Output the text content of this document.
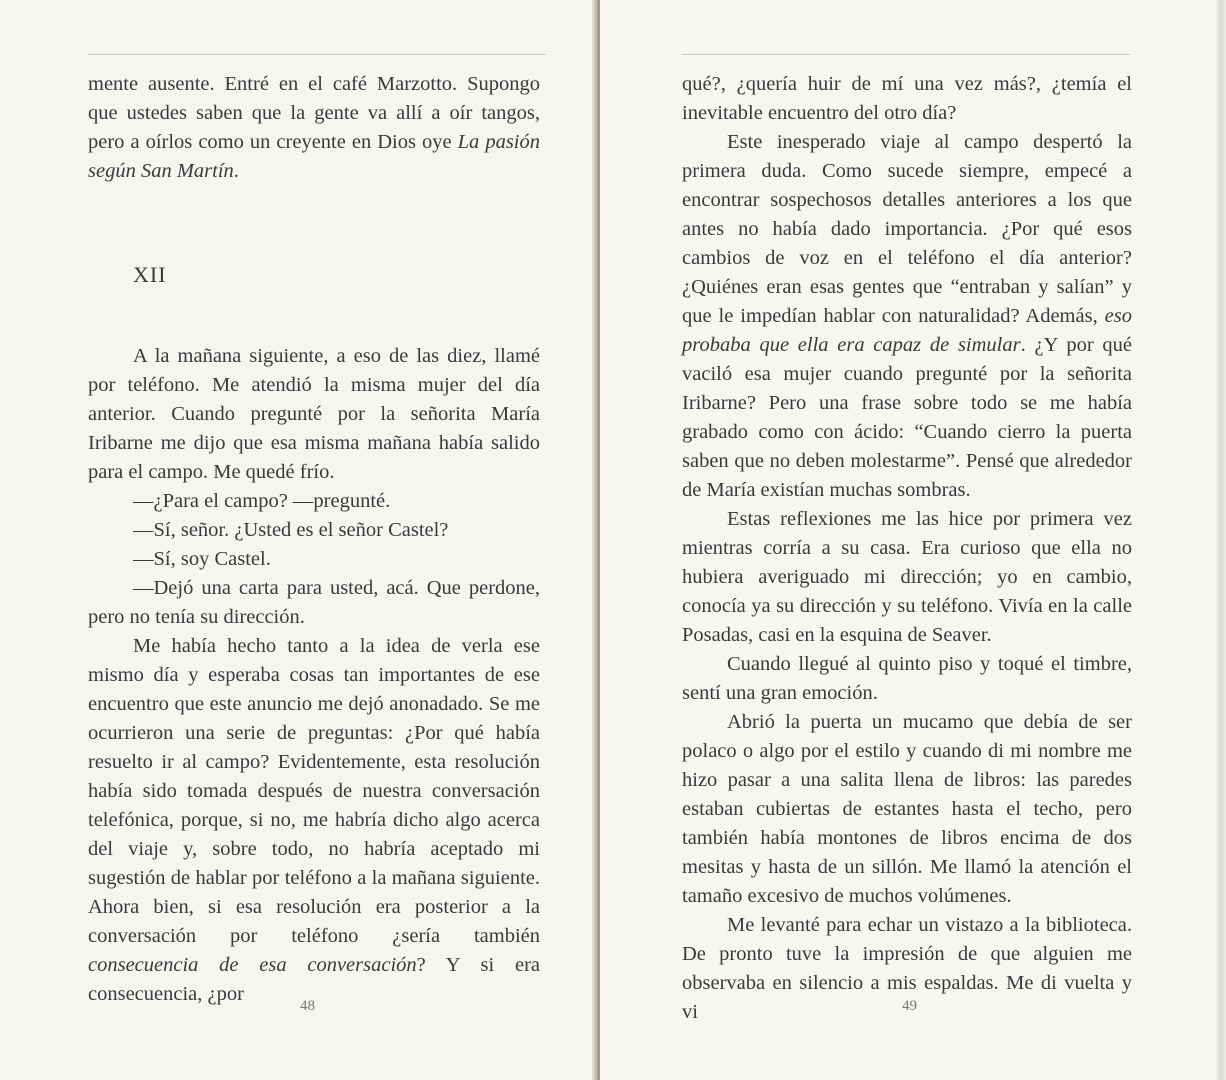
mente ausente. Entré en el café Marzotto. Supongo que ustedes saben que la gente va allí a oír tangos, pero a oírlos como un creyente en Dios oye La pasión según San Martín.

XII

A la mañana siguiente, a eso de las diez, llamé por teléfono. Me atendió la misma mujer del día anterior. Cuando pregunté por la señorita María Iribarne me dijo que esa misma mañana había salido para el campo. Me quedé frío.

—¿Para el campo? —pregunté.

—Sí, señor. ¿Usted es el señor Castel?

—Sí, soy Castel.

—Dejó una carta para usted, acá. Que perdone, pero no tenía su dirección.

Me había hecho tanto a la idea de verla ese mismo día y esperaba cosas tan importantes de ese encuentro que este anuncio me dejó anonadado. Se me ocurrieron una serie de preguntas: ¿Por qué había resuelto ir al campo? Evidentemente, esta resolución había sido tomada después de nuestra conversación telefónica, porque, si no, me habría dicho algo acerca del viaje y, sobre todo, no habría aceptado mi sugestión de hablar por teléfono a la mañana siguiente. Ahora bien, si esa resolución era posterior a la conversación por teléfono ¿sería también consecuencia de esa conversación? Y si era consecuencia, ¿por

48

qué?, ¿quería huir de mí una vez más?, ¿temía el inevitable encuentro del otro día?

Este inesperado viaje al campo despertó la primera duda. Como sucede siempre, empecé a encontrar sospechosos detalles anteriores a los que antes no había dado importancia. ¿Por qué esos cambios de voz en el teléfono el día anterior? ¿Quiénes eran esas gentes que “entraban y salían” y que le impedían hablar con naturalidad? Además, eso probaba que ella era capaz de simular. ¿Y por qué vaciló esa mujer cuando pregunté por la señorita Iribarne? Pero una frase sobre todo se me había grabado como con ácido: “Cuando cierro la puerta saben que no deben molestarme”. Pensé que alrededor de María existían muchas sombras.

Estas reflexiones me las hice por primera vez mientras corría a su casa. Era curioso que ella no hubiera averiguado mi dirección; yo en cambio, conocía ya su dirección y su teléfono. Vivía en la calle Posadas, casi en la esquina de Seaver.

Cuando llegué al quinto piso y toqué el timbre, sentí una gran emoción.

Abrió la puerta un mucamo que debía de ser polaco o algo por el estilo y cuando di mi nombre me hizo pasar a una salita llena de libros: las paredes estaban cubiertas de estantes hasta el techo, pero también había montones de libros encima de dos mesitas y hasta de un sillón. Me llamó la atención el tamaño excesivo de muchos volúmenes.

Me levanté para echar un vistazo a la biblioteca. De pronto tuve la impresión de que alguien me observaba en silencio a mis espaldas. Me di vuelta y vi	49
